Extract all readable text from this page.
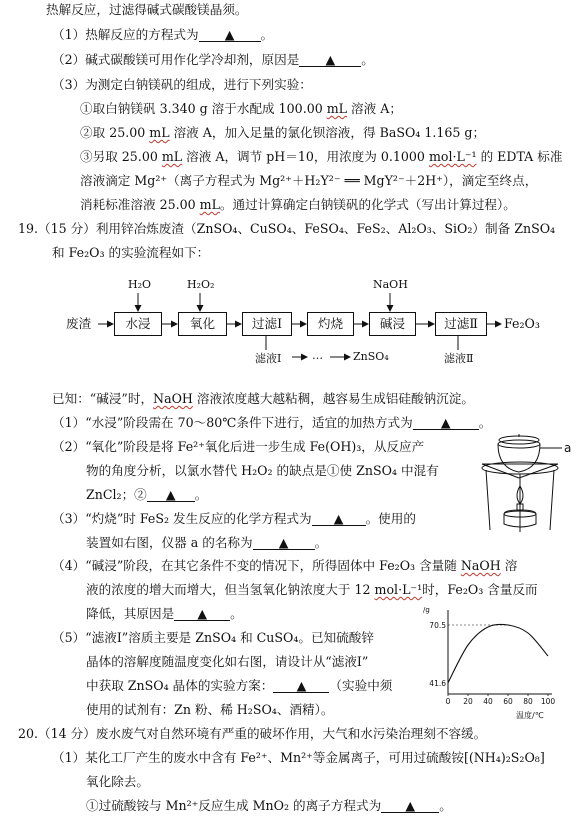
热解反应，过滤得碱式碳酸镁晶须。
（1）热解反应的方程式为 ▲ 。
（2）碱式碳酸镁可用作化学冷却剂，原因是 ▲ 。
（3）为测定白钠镁矾的组成，进行下列实验：
①取白钠镁矾 3.340 g 溶于水配成 100.00 mL 溶液 A；
②取 25.00 mL 溶液 A，加入足量的氯化钡溶液，得 BaSO₄ 1.165 g；
③另取 25.00 mL 溶液 A，调节 pH＝10，用浓度为 0.1000 mol·L⁻¹ 的 EDTA 标准
溶液滴定 Mg²⁺（离子方程式为 Mg²⁺＋H₂Y²⁻ ══ MgY²⁻＋2H⁺），滴定至终点，
消耗标准溶液 25.00 mL。通过计算确定白钠镁矾的化学式（写出计算过程）。
19.（15 分）利用锌冶炼废渣（ZnSO₄、CuSO₄、FeSO₄、FeS₂、Al₂O₃、SiO₂）制备 ZnSO₄
和 Fe₂O₃ 的实验流程如下：
废渣	水浸	氧化	过滤Ⅰ	灼烧	碱浸	过滤Ⅱ	Fe₂O₃
H₂O	H₂O₂	NaOH
滤液Ⅰ	…	ZnSO₄	滤液Ⅱ
已知：“碱浸”时，NaOH 溶液浓度越大越粘稠，越容易生成铝硅酸钠沉淀。
（1）“水浸”阶段需在 70～80℃条件下进行，适宜的加热方式为 ▲ 。
（2）“氧化”阶段是将 Fe²⁺氧化后进一步生成 Fe(OH)₃，从反应产
物的角度分析，以氯水替代 H₂O₂ 的缺点是①使 ZnSO₄ 中混有
ZnCl₂；② ▲ 。
（3）“灼烧”时 FeS₂ 发生反应的化学方程式为 ▲ 。使用的
装置如右图，仪器 a 的名称为 ▲ 。
a
（4）“碱浸”阶段，在其它条件不变的情况下，所得固体中 Fe₂O₃ 含量随 NaOH 溶
液的浓度的增大而增大，但当氢氧化钠浓度大于 12 mol·L⁻¹时，Fe₂O₃ 含量反而
降低，其原因是 ▲ 。
（5）“滤液Ⅰ”溶质主要是 ZnSO₄ 和 CuSO₄。已知硫酸锌
晶体的溶解度随温度变化如右图，请设计从“滤液Ⅰ”
中获取 ZnSO₄ 晶体的实验方案： ▲ （实验中须
使用的试剂有：Zn 粉、稀 H₂SO₄、酒精）。
0 20 40 60 80 100
41.6
70.5
/g
温度/℃
20.（14 分）废水废气对自然环境有严重的破坏作用，大气和水污染治理刻不容缓。
（1）某化工厂产生的废水中含有 Fe²⁺、Mn²⁺等金属离子，可用过硫酸铵[(NH₄)₂S₂O₈]
氧化除去。
①过硫酸铵与 Mn²⁺反应生成 MnO₂ 的离子方程式为 ▲ 。
